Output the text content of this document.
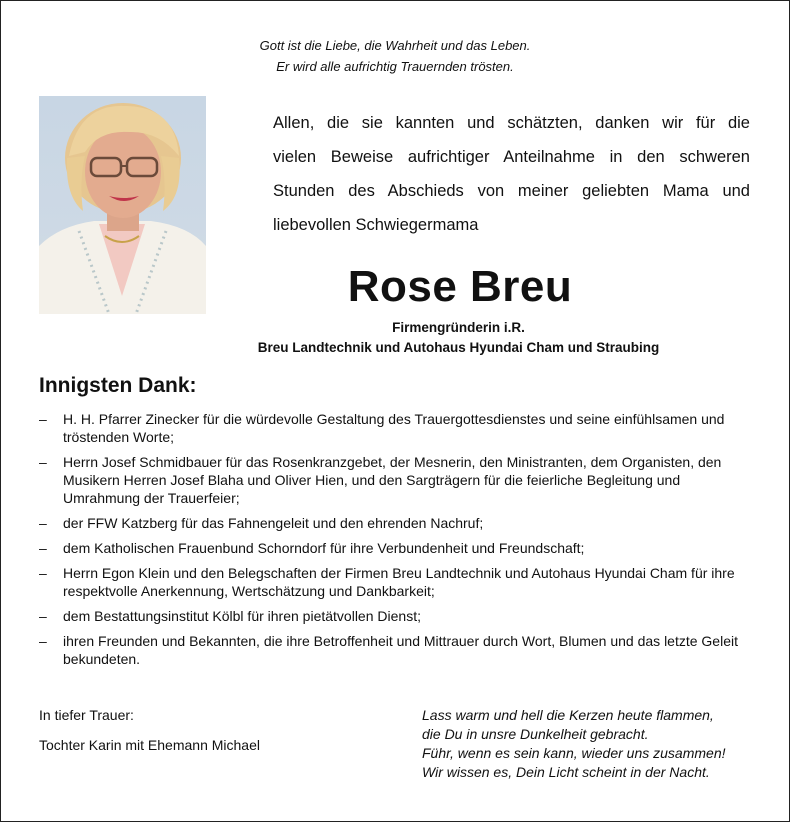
Gott ist die Liebe, die Wahrheit und das Leben.
Er wird alle aufrichtig Trauernden trösten.
Allen, die sie kannten und schätzten, danken wir für die
vielen Beweise aufrichtiger Anteilnahme in den schweren
Stunden des Abschieds von meiner geliebten Mama und
liebevollen Schwiegermama
Rose Breu
Firmengründerin i.R.
Breu Landtechnik und Autohaus Hyundai Cham und Straubing
Innigsten Dank:
– H. H. Pfarrer Zinecker für die würdevolle Gestaltung des Trauergottesdienstes und seine einfühlsamen und tröstenden Worte;
– Herrn Josef Schmidbauer für das Rosenkranzgebet, der Mesnerin, den Ministranten, dem Organisten, den Musikern Herren Josef Blaha und Oliver Hien, und den Sargträgern für die feierliche Begleitung und Umrahmung der Trauerfeier;
– der FFW Katzberg für das Fahnengeleit und den ehrenden Nachruf;
– dem Katholischen Frauenbund Schorndorf für ihre Verbundenheit und Freundschaft;
– Herrn Egon Klein und den Belegschaften der Firmen Breu Landtechnik und Autohaus Hyundai Cham für ihre respektvolle Anerkennung, Wertschätzung und Dankbarkeit;
– dem Bestattungsinstitut Kölbl für ihren pietätvollen Dienst;
– ihren Freunden und Bekannten, die ihre Betroffenheit und Mittrauer durch Wort, Blumen und das letzte Geleit bekundeten.
In tiefer Trauer:
Tochter Karin mit Ehemann Michael
Lass warm und hell die Kerzen heute flammen,
die Du in unsre Dunkelheit gebracht.
Führ, wenn es sein kann, wieder uns zusammen!
Wir wissen es, Dein Licht scheint in der Nacht.
